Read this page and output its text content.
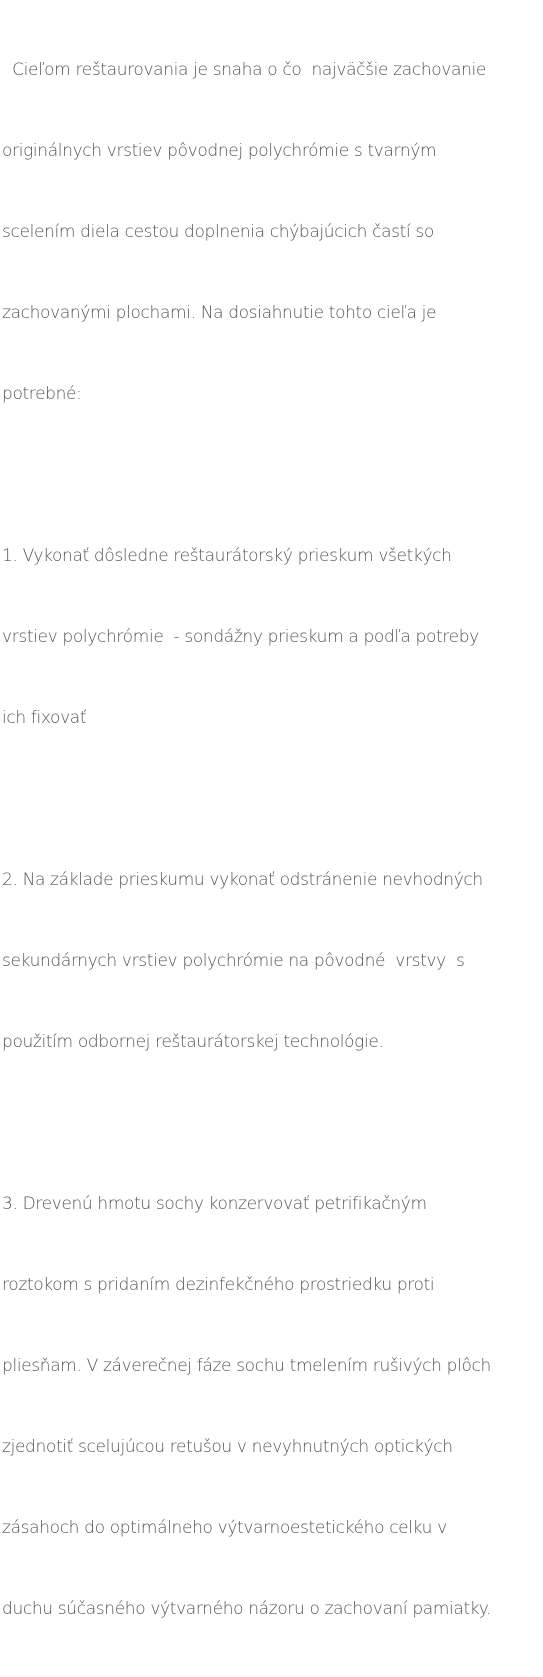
Cieľom reštaurovania je snaha o čo  najväčšie zachovanie

originálnych vrstiev pôvodnej polychrómie s tvarným

scelením diela cestou doplnenia chýbajúcich častí so

zachovanými plochami. Na dosiahnutie tohto cieľa je

potrebné:

1. Vykonať dôsledne reštaurátorský prieskum všetkých

vrstiev polychrómie  - sondážny prieskum a podľa potreby

ich fixovať

2. Na základe prieskumu vykonať odstránenie nevhodných

sekundárnych vrstiev polychrómie na pôvodné  vrstvy  s

použitím odbornej reštaurátorskej technológie.

3. Drevenú hmotu sochy konzervovať petrifikačným

roztokom s pridaním dezinfekčného prostriedku proti

pliesňam. V záverečnej fáze sochu tmelením rušivých plôch

zjednotiť scelujúcou retušou v nevyhnutných optických

zásahoch do optimálneho výtvarnoestetického celku v

duchu súčasného výtvarného názoru o zachovaní pamiatky.
